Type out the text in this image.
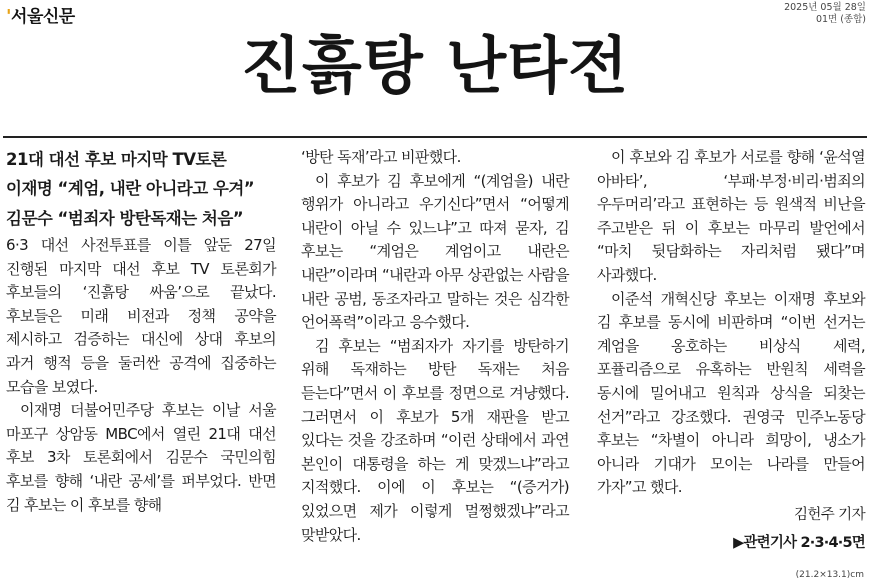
'서울신문	2025년 05월 28일
01면 (종합)
진흙탕 난타전

21대 대선 후보 마지막 TV토론

이재명 “계엄, 내란 아니라고 우겨”

김문수 “범죄자 방탄독재는 처음”

6·3 대선 사전투표를 이틀 앞둔 27일 진행된 마지막 대선 후보 TV 토론회가 후보들의 ‘진흙탕 싸움’으로 끝났다. 후보들은 미래 비전과 정책 공약을 제시하고 검증하는 대신에 상대 후보의 과거 행적 등을 둘러싼 공격에 집중하는 모습을 보였다.

이재명 더불어민주당 후보는 이날 서울 마포구 상암동 MBC에서 열린 21대 대선 후보 3차 토론회에서 김문수 국민의힘 후보를 향해 ‘내란 공세’를 퍼부었다. 반면 김 후보는 이 후보를 향해

‘방탄 독재’라고 비판했다.

이 후보가 김 후보에게 “(계엄을) 내란 행위가 아니라고 우기신다”면서 “어떻게 내란이 아닐 수 있느냐”고 따져 묻자, 김 후보는 “계엄은 계엄이고 내란은 내란”이라며 “내란과 아무 상관없는 사람을 내란 공범, 동조자라고 말하는 것은 심각한 언어폭력”이라고 응수했다.

김 후보는 “범죄자가 자기를 방탄하기 위해 독재하는 방탄 독재는 처음 듣는다”면서 이 후보를 정면으로 겨냥했다. 그러면서 이 후보가 5개 재판을 받고 있다는 것을 강조하며 “이런 상태에서 과연 본인이 대통령을 하는 게 맞겠느냐”라고 지적했다. 이에 이 후보는 “(증거가) 있었으면 제가 이렇게 멀쩡했겠냐”라고 맞받았다.

이 후보와 김 후보가 서로를 향해 ‘윤석열 아바타’, ‘부패·부정·비리·범죄의 우두머리’라고 표현하는 등 원색적 비난을 주고받은 뒤 이 후보는 마무리 발언에서 “마치 뒷담화하는 자리처럼 됐다”며 사과했다.

이준석 개혁신당 후보는 이재명 후보와 김 후보를 동시에 비판하며 “이번 선거는 계엄을 옹호하는 비상식 세력, 포퓰리즘으로 유혹하는 반원칙 세력을 동시에 밀어내고 원칙과 상식을 되찾는 선거”라고 강조했다. 권영국 민주노동당 후보는 “차별이 아니라 희망이, 냉소가 아니라 기대가 모이는 나라를 만들어 가자”고 했다.

김헌주 기자
▶관련기사 2·3·4·5면
(21.2×13.1)cm
